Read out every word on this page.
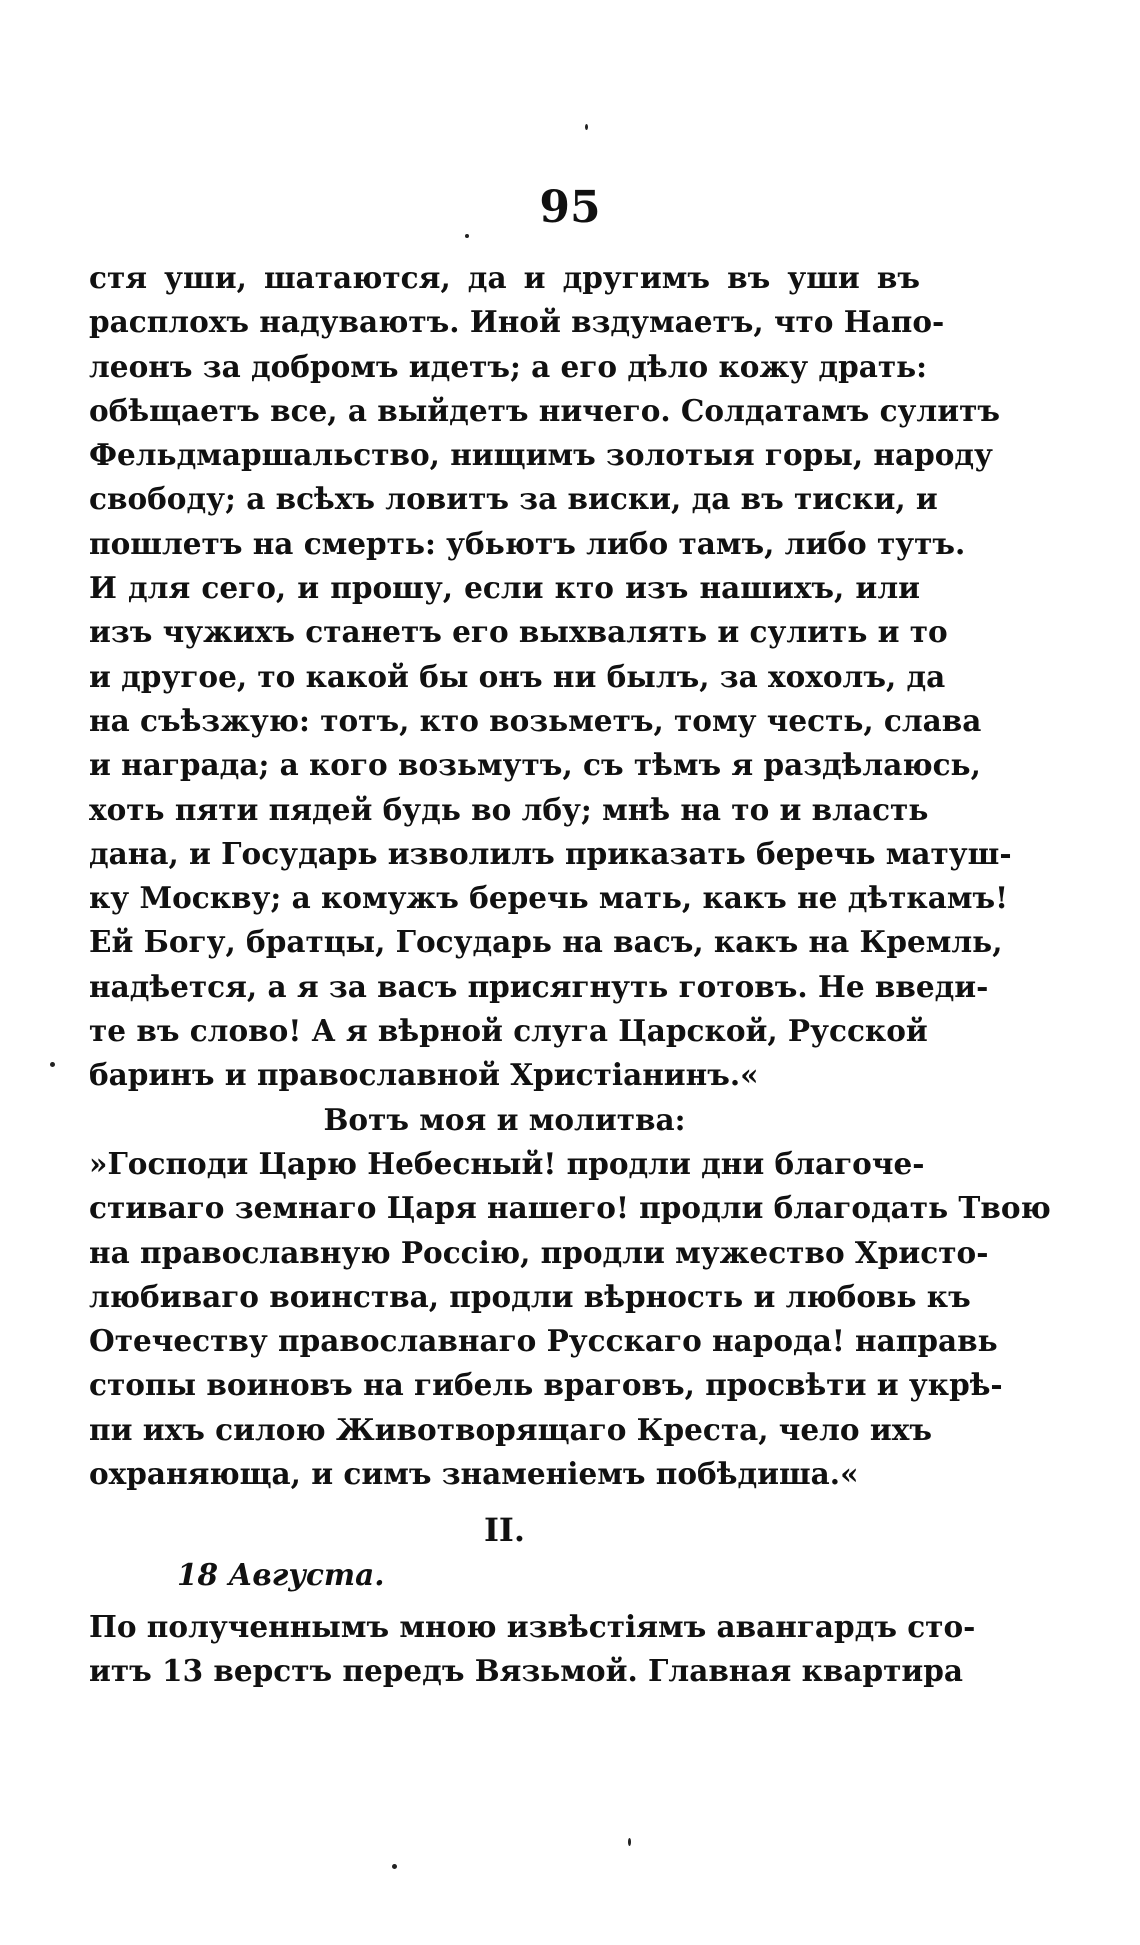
95
стя уши, шатаются, да и другимъ въ уши въ
расплохъ надуваютъ. Иной вздумаетъ, что Напо-
леонъ за добромъ идетъ; а его дѣло кожу драть:
обѣщаетъ все, а выйдетъ ничего. Солдатамъ сулитъ
Фельдмаршальство, нищимъ золотыя горы, народу
свободу; а всѣхъ ловитъ за виски, да въ тиски, и
пошлетъ на смерть: убьютъ либо тамъ, либо тутъ.
И для сего, и прошу, если кто изъ нашихъ, или
изъ чужихъ станетъ его выхвалять и сулить и то
и другое, то какой бы онъ ни былъ, за хохолъ, да
на съѣзжую: тотъ, кто возьметъ, тому честь, слава
и награда; а кого возьмутъ, съ тѣмъ я раздѣлаюсь,
хоть пяти пядей будь во лбу; мнѣ на то и власть
дана, и Государь изволилъ приказать беречь матуш-
ку Москву; а комужъ беречь мать, какъ не дѣткамъ!
Ей Богу, братцы, Государь на васъ, какъ на Кремль,
надѣется, а я за васъ присягнуть готовъ. Не введи-
те въ слово! А я вѣрной слуга Царской, Русской
баринъ и православной Христіанинъ.«
Вотъ моя и молитва:
»Господи Царю Небесный! продли дни благоче-
стиваго земнаго Царя нашего! продли благодать Твою
на православную Россію, продли мужество Христо-
любиваго воинства, продли вѣрность и любовь къ
Отечеству православнаго Русскаго народа! направь
стопы воиновъ на гибель враговъ, просвѣти и укрѣ-
пи ихъ силою Животворящаго Креста, чело ихъ
охраняюща, и симъ знаменіемъ побѣдиша.«
II.
18 Августа.
По полученнымъ мною извѣстіямъ авангардъ сто-
итъ 13 верстъ передъ Вязьмой. Главная квартира
